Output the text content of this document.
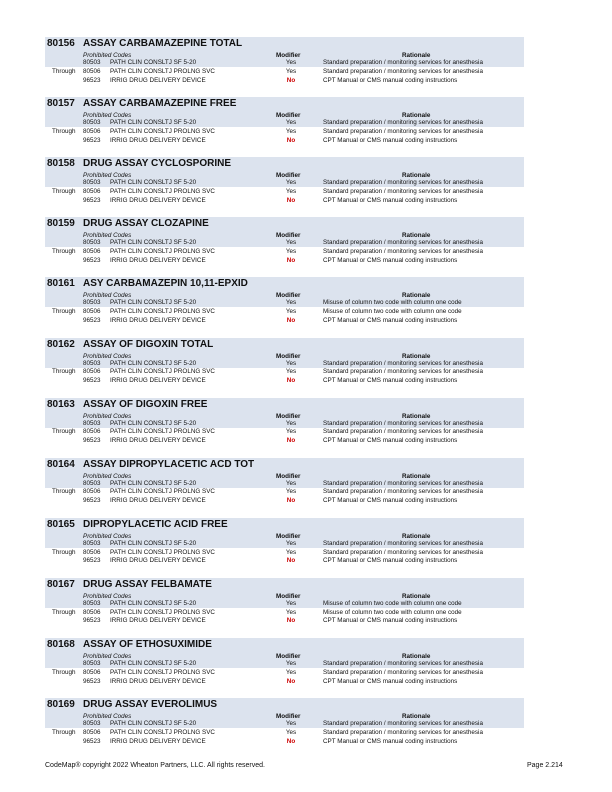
80156 ASSAY CARBAMAZEPINE TOTAL
Prohibited Codes	Modifier	Rationale
80503 PATH CLIN CONSLTJ SF 5-20	Yes	Standard preparation / monitoring services for anesthesia
Through 80506 PATH CLIN CONSLTJ PROLNG SVC	Yes	Standard preparation / monitoring services for anesthesia
96523 IRRIG DRUG DELIVERY DEVICE	No	CPT Manual or CMS manual coding instructions
80157 ASSAY CARBAMAZEPINE FREE
Prohibited Codes	Modifier	Rationale
80503 PATH CLIN CONSLTJ SF 5-20	Yes	Standard preparation / monitoring services for anesthesia
Through 80506 PATH CLIN CONSLTJ PROLNG SVC	Yes	Standard preparation / monitoring services for anesthesia
96523 IRRIG DRUG DELIVERY DEVICE	No	CPT Manual or CMS manual coding instructions
80158 DRUG ASSAY CYCLOSPORINE
Prohibited Codes	Modifier	Rationale
80503 PATH CLIN CONSLTJ SF 5-20	Yes	Standard preparation / monitoring services for anesthesia
Through 80506 PATH CLIN CONSLTJ PROLNG SVC	Yes	Standard preparation / monitoring services for anesthesia
96523 IRRIG DRUG DELIVERY DEVICE	No	CPT Manual or CMS manual coding instructions
80159 DRUG ASSAY CLOZAPINE
Prohibited Codes	Modifier	Rationale
80503 PATH CLIN CONSLTJ SF 5-20	Yes	Standard preparation / monitoring services for anesthesia
Through 80506 PATH CLIN CONSLTJ PROLNG SVC	Yes	Standard preparation / monitoring services for anesthesia
96523 IRRIG DRUG DELIVERY DEVICE	No	CPT Manual or CMS manual coding instructions
80161 ASY CARBAMAZEPIN 10,11-EPXID
Prohibited Codes	Modifier	Rationale
80503 PATH CLIN CONSLTJ SF 5-20	Yes	Misuse of column two code with column one code
Through 80506 PATH CLIN CONSLTJ PROLNG SVC	Yes	Misuse of column two code with column one code
96523 IRRIG DRUG DELIVERY DEVICE	No	CPT Manual or CMS manual coding instructions
80162 ASSAY OF DIGOXIN TOTAL
Prohibited Codes	Modifier	Rationale
80503 PATH CLIN CONSLTJ SF 5-20	Yes	Standard preparation / monitoring services for anesthesia
Through 80506 PATH CLIN CONSLTJ PROLNG SVC	Yes	Standard preparation / monitoring services for anesthesia
96523 IRRIG DRUG DELIVERY DEVICE	No	CPT Manual or CMS manual coding instructions
80163 ASSAY OF DIGOXIN FREE
Prohibited Codes	Modifier	Rationale
80503 PATH CLIN CONSLTJ SF 5-20	Yes	Standard preparation / monitoring services for anesthesia
Through 80506 PATH CLIN CONSLTJ PROLNG SVC	Yes	Standard preparation / monitoring services for anesthesia
96523 IRRIG DRUG DELIVERY DEVICE	No	CPT Manual or CMS manual coding instructions
80164 ASSAY DIPROPYLACETIC ACD TOT
Prohibited Codes	Modifier	Rationale
80503 PATH CLIN CONSLTJ SF 5-20	Yes	Standard preparation / monitoring services for anesthesia
Through 80506 PATH CLIN CONSLTJ PROLNG SVC	Yes	Standard preparation / monitoring services for anesthesia
96523 IRRIG DRUG DELIVERY DEVICE	No	CPT Manual or CMS manual coding instructions
80165 DIPROPYLACETIC ACID FREE
Prohibited Codes	Modifier	Rationale
80503 PATH CLIN CONSLTJ SF 5-20	Yes	Standard preparation / monitoring services for anesthesia
Through 80506 PATH CLIN CONSLTJ PROLNG SVC	Yes	Standard preparation / monitoring services for anesthesia
96523 IRRIG DRUG DELIVERY DEVICE	No	CPT Manual or CMS manual coding instructions
80167 DRUG ASSAY FELBAMATE
Prohibited Codes	Modifier	Rationale
80503 PATH CLIN CONSLTJ SF 5-20	Yes	Misuse of column two code with column one code
Through 80506 PATH CLIN CONSLTJ PROLNG SVC	Yes	Misuse of column two code with column one code
96523 IRRIG DRUG DELIVERY DEVICE	No	CPT Manual or CMS manual coding instructions
80168 ASSAY OF ETHOSUXIMIDE
Prohibited Codes	Modifier	Rationale
80503 PATH CLIN CONSLTJ SF 5-20	Yes	Standard preparation / monitoring services for anesthesia
Through 80506 PATH CLIN CONSLTJ PROLNG SVC	Yes	Standard preparation / monitoring services for anesthesia
96523 IRRIG DRUG DELIVERY DEVICE	No	CPT Manual or CMS manual coding instructions
80169 DRUG ASSAY EVEROLIMUS
Prohibited Codes	Modifier	Rationale
80503 PATH CLIN CONSLTJ SF 5-20	Yes	Standard preparation / monitoring services for anesthesia
Through 80506 PATH CLIN CONSLTJ PROLNG SVC	Yes	Standard preparation / monitoring services for anesthesia
96523 IRRIG DRUG DELIVERY DEVICE	No	CPT Manual or CMS manual coding instructions
CodeMap® copyright 2022 Wheaton Partners, LLC. All rights reserved.	Page 2.214
